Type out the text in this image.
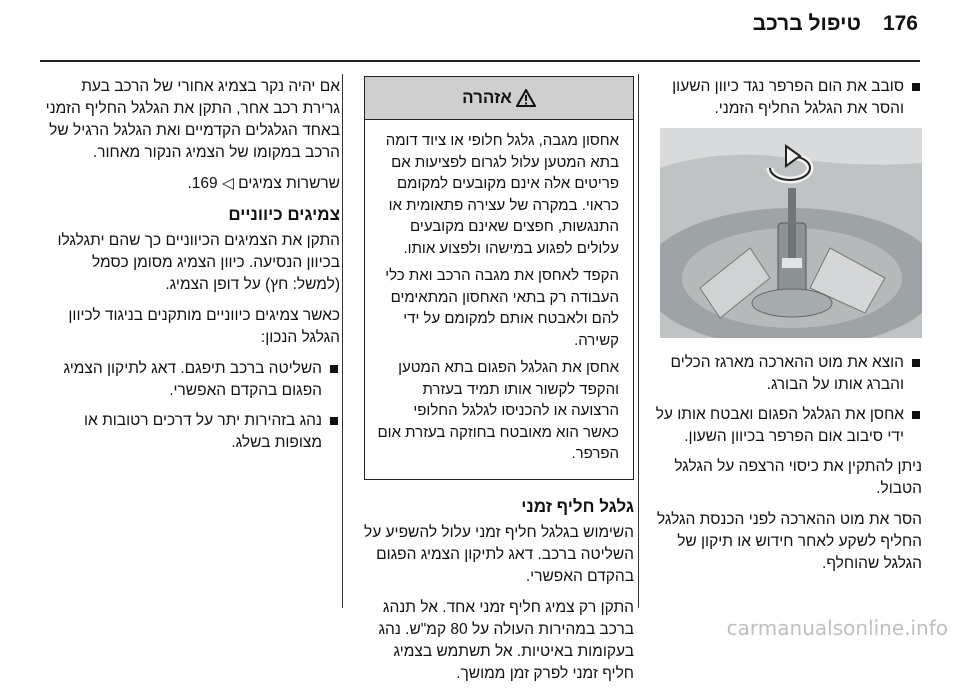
176
טיפול ברכב
סובב את הום הפרפר נגד כיוון השעון והסר את הגלגל החליף הזמני.
הוצא את מוט ההארכה מארגז הכלים והברג אותו על הבורג.
אחסן את הגלגל הפגום ואבטח אותו על ידי סיבוב אום הפרפר בכיוון השעון.

ניתן להתקין את כיסוי הרצפה על הגלגל הטבול.

הסר את מוט ההארכה לפני הכנסת הגלגל החליף לשקע לאחר חידוש או תיקון של הגלגל שהוחלף.

אזהרה

אחסון מגבה, גלגל חלופי או ציוד דומה בתא המטען עלול לגרום לפציעות אם פריטים אלה אינם מקובעים למקומם כראוי. במקרה של עצירה פתאומית או התנגשות, חפצים שאינם מקובעים עלולים לפגוע במישהו ולפצוע אותו.

הקפד לאחסן את מגבה הרכב ואת כלי העבודה רק בתאי האחסון המתאימים להם ולאבטח אותם למקומם על ידי קשירה.

אחסן את הגלגל הפגום בתא המטען והקפד לקשור אותו תמיד בעזרת הרצועה או להכניסו לגלגל החלופי כאשר הוא מאובטח בחוזקה בעזרת אום הפרפר.

גלגל חליף זמני

השימוש בגלגל חליף זמני עלול להשפיע על השליטה ברכב. דאג לתיקון הצמיג הפגום בהקדם האפשרי.

התקן רק צמיג חליף זמני אחד. אל תנהג ברכב במהירות העולה על 80 קמ"ש. נהג בעקומות באיטיות. אל תשתמש בצמיג חליף זמני לפרק זמן ממושך.

אם יהיה נקר בצמיג אחורי של הרכב בעת גרירת רכב אחר, התקן את הגלגל החליף הזמני באחד הגלגלים הקדמיים ואת הגלגל הרגיל של הרכב במקומו של הצמיג הנקור מאחור.

שרשרות צמיגים ◁ 169.

צמיגים כיווניים

התקן את הצמיגים הכיווניים כך שהם יתגלגלו בכיוון הנסיעה. כיוון הצמיג מסומן כסמל (למשל: חץ) על דופן הצמיג.

כאשר צמיגים כיווניים מותקנים בניגוד לכיוון הגלגל הנכון:

השליטה ברכב תיפגם. דאג לתיקון הצמיג הפגום בהקדם האפשרי.
נהג בזהירות יתר על דרכים רטובות או מצופות בשלג.
carmanualsonline.info
